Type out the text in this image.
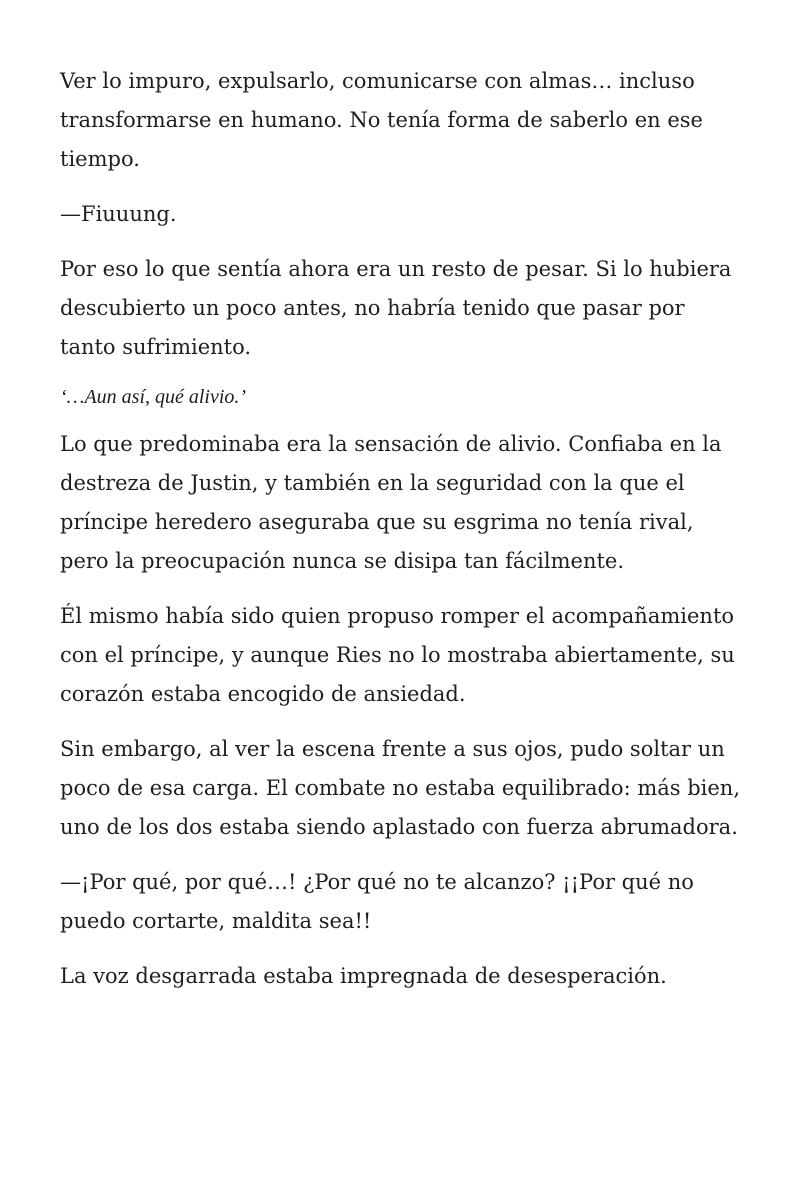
Ver lo impuro, expulsarlo, comunicarse con almas… incluso transformarse en humano. No tenía forma de saberlo en ese tiempo.

—Fiuuung.

Por eso lo que sentía ahora era un resto de pesar. Si lo hubiera descubierto un poco antes, no habría tenido que pasar por tanto sufrimiento.

‘…Aun así, qué alivio.’

Lo que predominaba era la sensación de alivio. Confiaba en la destreza de Justin, y también en la seguridad con la que el príncipe heredero aseguraba que su esgrima no tenía rival, pero la preocupación nunca se disipa tan fácilmente.

Él mismo había sido quien propuso romper el acompañamiento con el príncipe, y aunque Ries no lo mostraba abiertamente, su corazón estaba encogido de ansiedad.

Sin embargo, al ver la escena frente a sus ojos, pudo soltar un poco de esa carga. El combate no estaba equilibrado: más bien, uno de los dos estaba siendo aplastado con fuerza abrumadora.

—¡Por qué, por qué…! ¿Por qué no te alcanzo? ¡¡Por qué no puedo cortarte, maldita sea!!

La voz desgarrada estaba impregnada de desesperación.
